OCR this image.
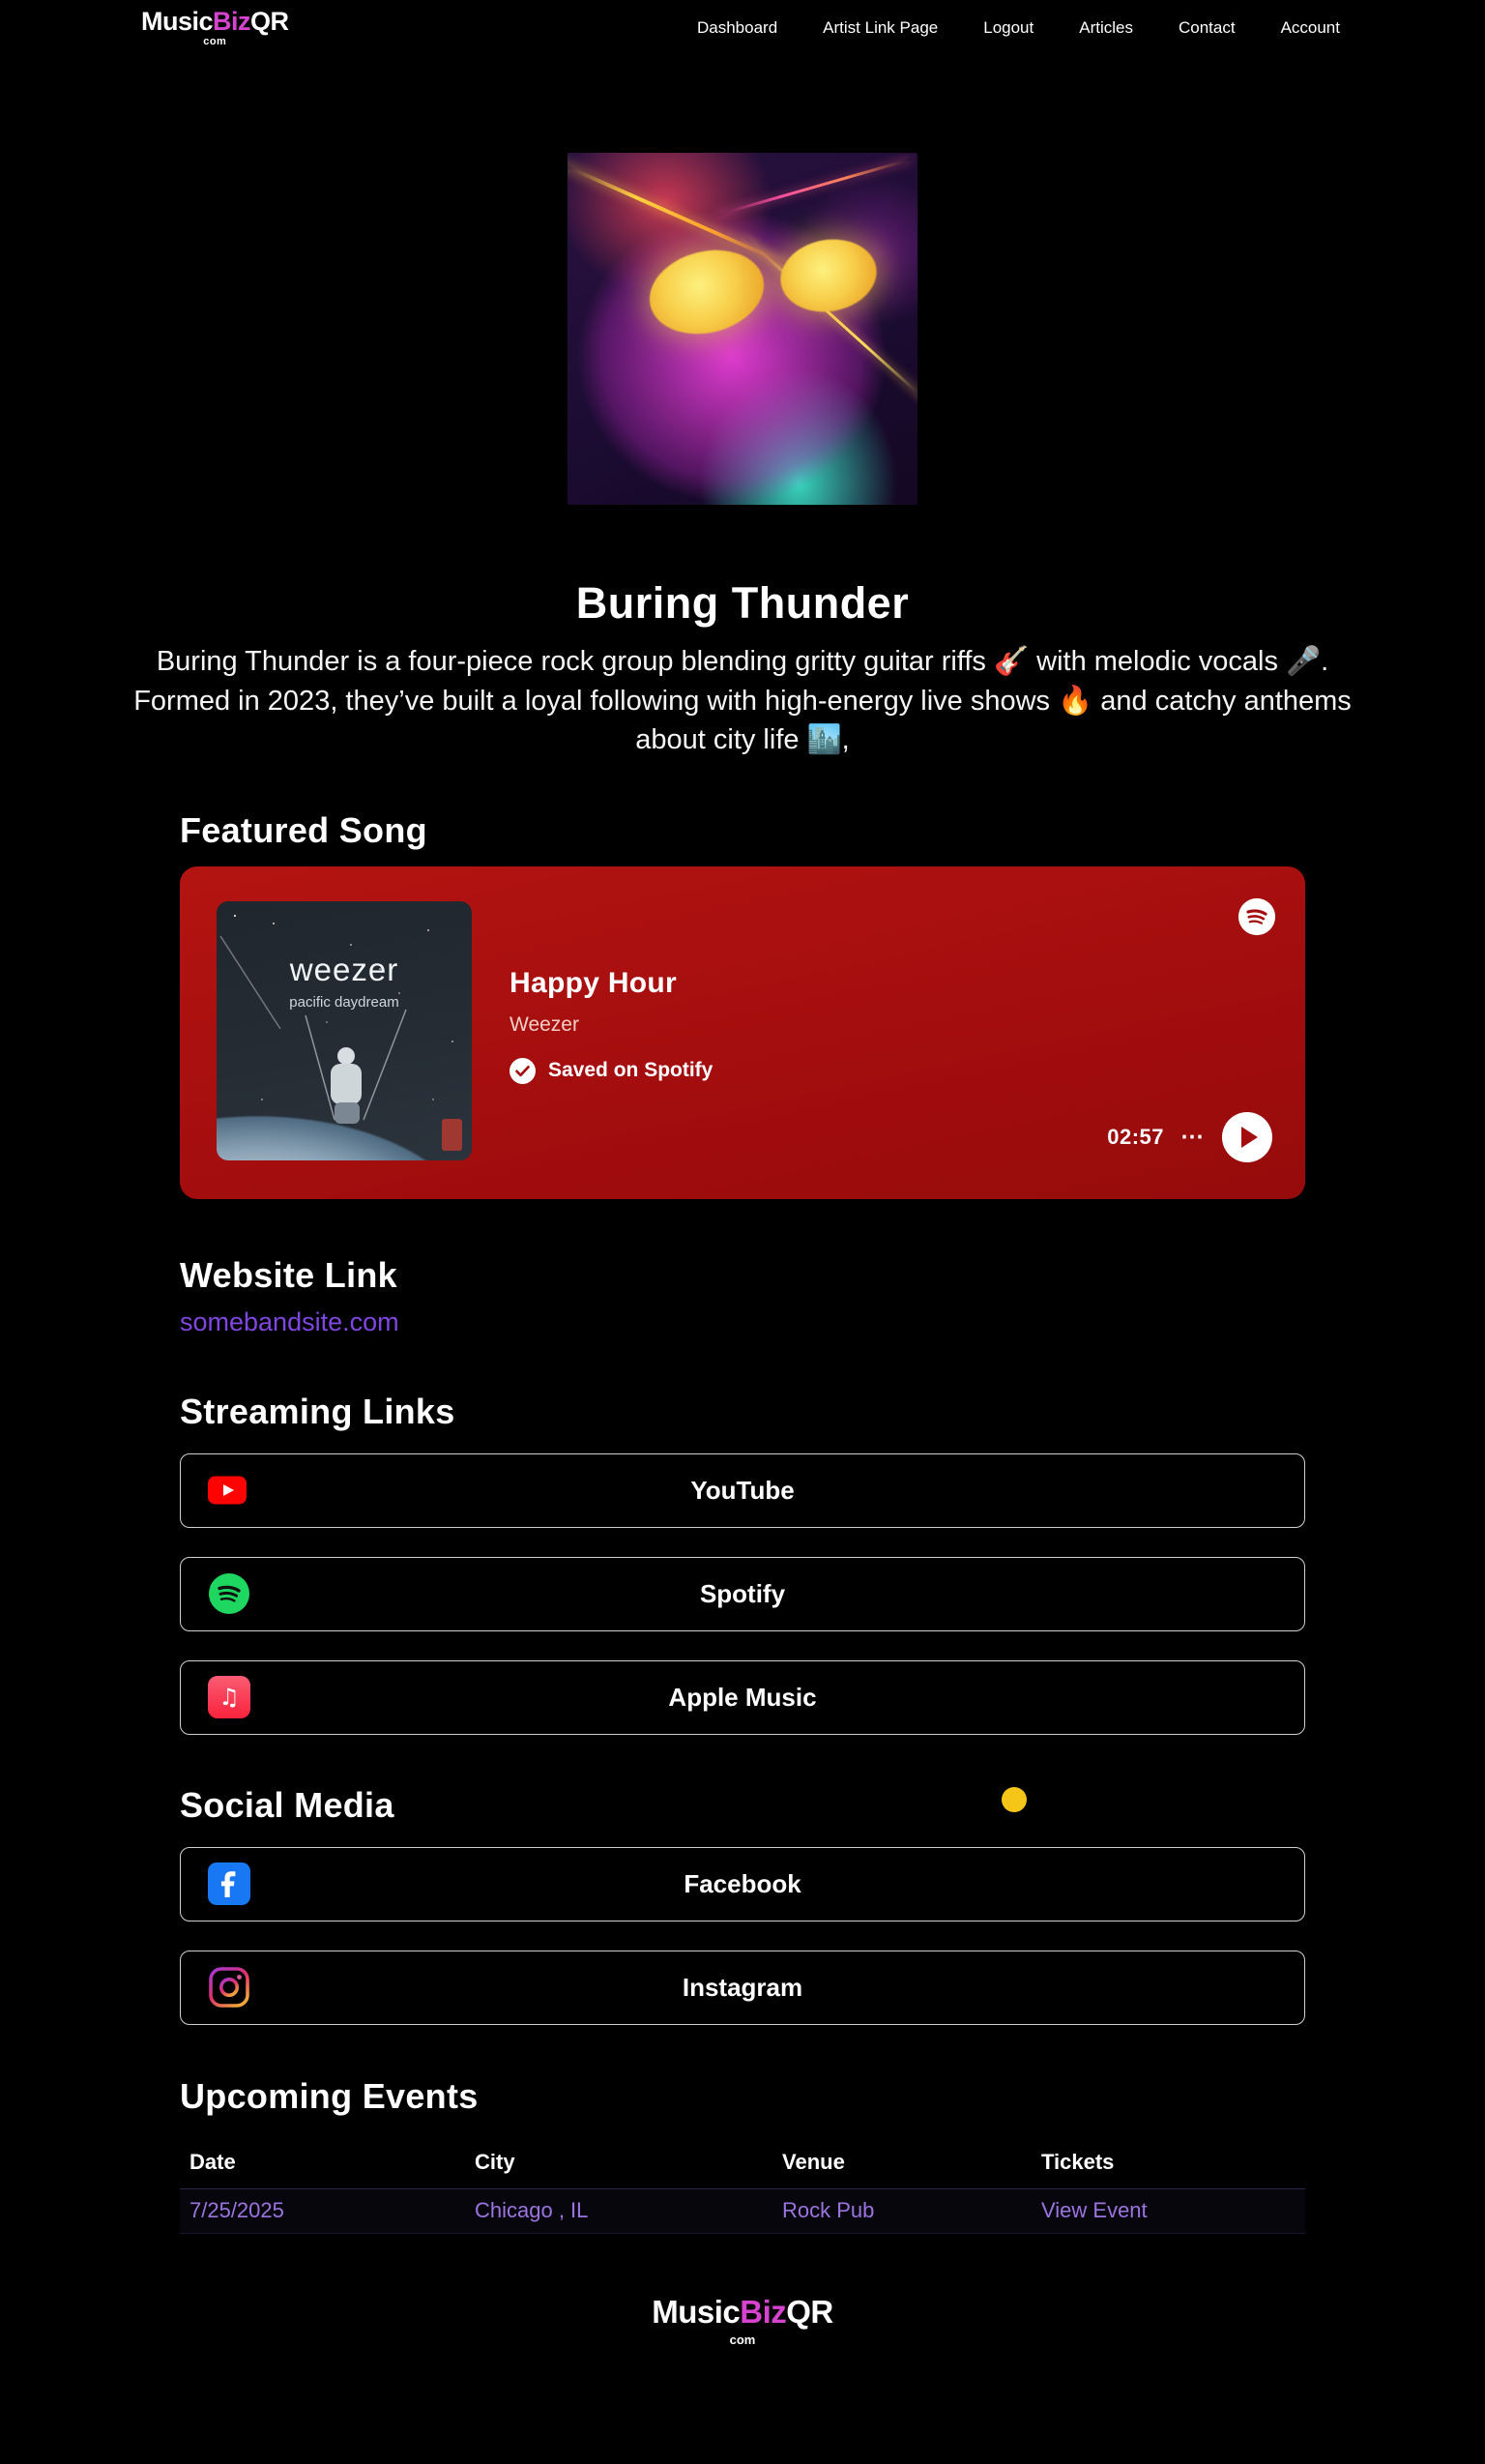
MusicBizQR
com
Dashboard	Artist Link Page	Logout	Articles	Contact	Account
Buring Thunder

Buring Thunder is a four-piece rock group blending gritty guitar riffs 🎸 with melodic vocals 🎤. Formed in 2023, they’ve built a loyal following with high-energy live shows 🔥 and catchy anthems about city life 🏙️,

Featured Song
weezer
pacific daydream
Happy Hour
Weezer
Saved on Spotify
02:57 ⋯
Website Link
somebandsite.com
Streaming Links
YouTube
Spotify
♫	Apple Music
Social Media
Facebook
Instagram
Upcoming Events
Date	City	Venue	Tickets
7/25/2025	Chicago , IL	Rock Pub	View Event
MusicBizQR
com
